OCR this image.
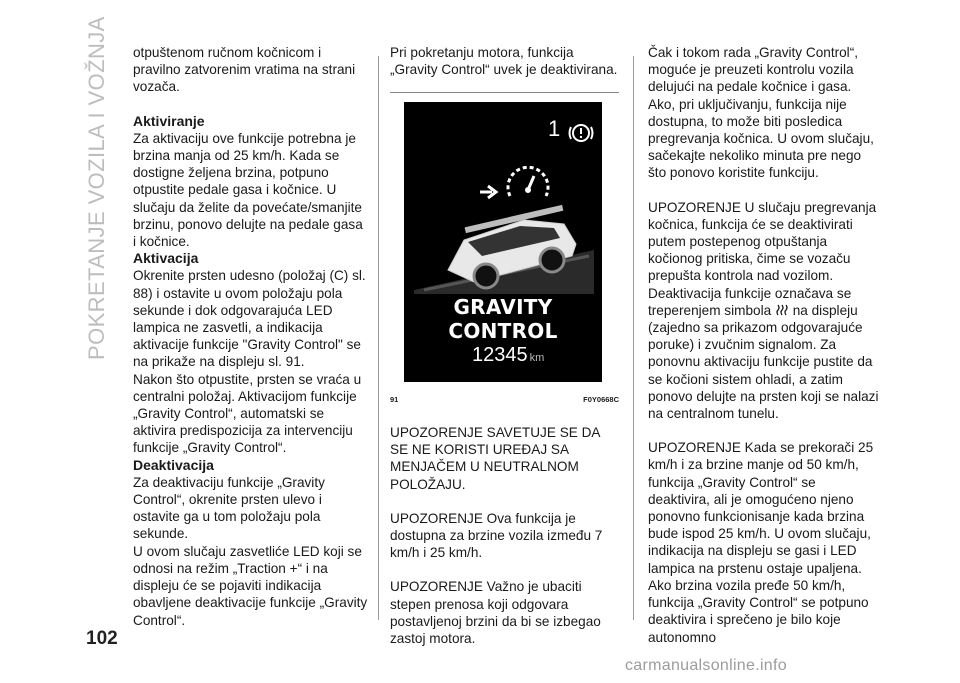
POKRETANJE VOZILA I VOŽNJA
102

otpuštenom ručnom kočnicom i pravilno zatvorenim vratima na strani vozača.

Aktiviranje

Za aktivaciju ove funkcije potrebna je brzina manja od 25 km/h. Kada se dostigne željena brzina, potpuno otpustite pedale gasa i kočnice. U slučaju da želite da povećate/smanjite brzinu, ponovo delujte na pedale gasa i kočnice.

Aktivacija

Okrenite prsten udesno (položaj (C) sl. 88) i ostavite u ovom položaju pola sekunde i dok odgovarajuća LED lampica ne zasvetli, a indikacija aktivacije funkcije "Gravity Control" se na prikaže na displeju sl. 91.

Nakon što otpustite, prsten se vraća u centralni položaj. Aktivacijom funkcije „Gravity Control“, automatski se aktivira predispozicija za intervenciju funkcije „Gravity Control“.

Deaktivacija

Za deaktivaciju funkcije „Gravity Control“, okrenite prsten ulevo i ostavite ga u tom položaju pola sekunde.

U ovom slučaju zasvetliće LED koji se odnosi na režim „Traction +“ i na displeju će se pojaviti indikacija obavljene deaktivacije funkcije „Gravity Control“.

Pri pokretanju motora, funkcija „Gravity Control“ uvek je deaktivirana.

1
GRAVITY CONTROL
12345 km
91	F0Y0668C

UPOZORENJE SAVETUJE SE DA SE NE KORISTI UREĐAJ SA MENJAČEM U NEUTRALNOM POLOŽAJU.

UPOZORENJE Ova funkcija je dostupna za brzine vozila između 7 km/h i 25 km/h.

UPOZORENJE Važno je ubaciti stepen prenosa koji odgovara postavljenoj brzini da bi se izbegao zastoj motora.

Čak i tokom rada „Gravity Control“, moguće je preuzeti kontrolu vozila delujući na pedale kočnice i gasa. Ako, pri uključivanju, funkcija nije dostupna, to može biti posledica pregrevanja kočnica. U ovom slučaju, sačekajte nekoliko minuta pre nego što ponovo koristite funkciju.

UPOZORENJE U slučaju pregrevanja kočnica, funkcija će se deaktivirati putem postepenog otpuštanja kočionog pritiska, čime se vozaču prepušta kontrola nad vozilom. Deaktivacija funkcije označava se treperenjem simbola na displeju (zajedno sa prikazom odgovarajuće poruke) i zvučnim signalom. Za ponovnu aktivaciju funkcije pustite da se kočioni sistem ohladi, a zatim ponovo delujte na prsten koji se nalazi na centralnom tunelu.

UPOZORENJE Kada se prekorači 25 km/h i za brzine manje od 50 km/h, funkcija „Gravity Control“ se deaktivira, ali je omogućeno njeno ponovno funkcionisanje kada brzina bude ispod 25 km/h. U ovom slučaju, indikacija na displeju se gasi i LED lampica na prstenu ostaje upaljena. Ako brzina vozila pređe 50 km/h, funkcija „Gravity Control“ se potpuno deaktivira i sprečeno je bilo koje autonomno

carmanualsonline.info
